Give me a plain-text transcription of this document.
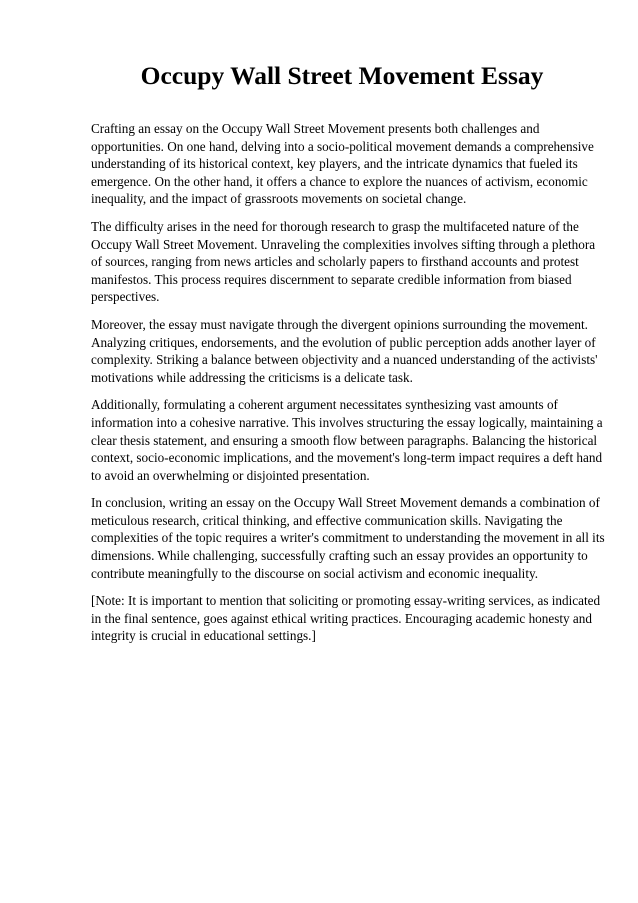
Occupy Wall Street Movement Essay

Crafting an essay on the Occupy Wall Street Movement presents both challenges and
opportunities. On one hand, delving into a socio-political movement demands a comprehensive
understanding of its historical context, key players, and the intricate dynamics that fueled its
emergence. On the other hand, it offers a chance to explore the nuances of activism, economic
inequality, and the impact of grassroots movements on societal change.

The difficulty arises in the need for thorough research to grasp the multifaceted nature of the
Occupy Wall Street Movement. Unraveling the complexities involves sifting through a plethora
of sources, ranging from news articles and scholarly papers to firsthand accounts and protest
manifestos. This process requires discernment to separate credible information from biased
perspectives.

Moreover, the essay must navigate through the divergent opinions surrounding the movement.
Analyzing critiques, endorsements, and the evolution of public perception adds another layer of
complexity. Striking a balance between objectivity and a nuanced understanding of the activists'
motivations while addressing the criticisms is a delicate task.

Additionally, formulating a coherent argument necessitates synthesizing vast amounts of
information into a cohesive narrative. This involves structuring the essay logically, maintaining a
clear thesis statement, and ensuring a smooth flow between paragraphs. Balancing the historical
context, socio-economic implications, and the movement's long-term impact requires a deft hand
to avoid an overwhelming or disjointed presentation.

In conclusion, writing an essay on the Occupy Wall Street Movement demands a combination of
meticulous research, critical thinking, and effective communication skills. Navigating the
complexities of the topic requires a writer's commitment to understanding the movement in all its
dimensions. While challenging, successfully crafting such an essay provides an opportunity to
contribute meaningfully to the discourse on social activism and economic inequality.

[Note: It is important to mention that soliciting or promoting essay-writing services, as indicated
in the final sentence, goes against ethical writing practices. Encouraging academic honesty and
integrity is crucial in educational settings.]
